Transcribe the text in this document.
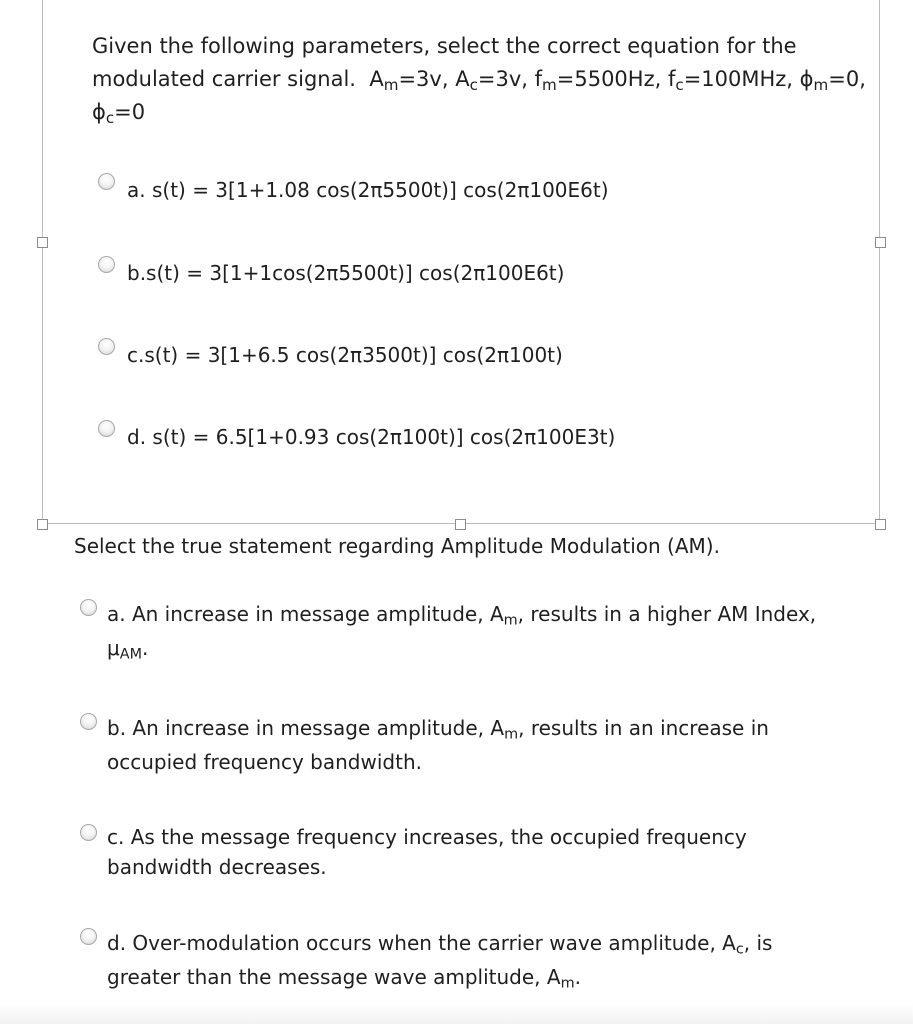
Given the following parameters, select the correct equation for the
modulated carrier signal. $A_m=3v$, $A_c=3v$, $f_m=5500Hz$, $f_c=100MHz$, ɸ$_m$=0,
ɸ$_c$=0
a. s(t) = 3[1+1.08 cos(2π5500t)] cos(2π100E6t)
b.s(t) = 3[1+1cos(2π5500t)] cos(2π100E6t)
c.s(t) = 3[1+6.5 cos(2π3500t)] cos(2π100t)
d. s(t) = 6.5[1+0.93 cos(2π100t)] cos(2π100E3t)
Select the true statement regarding Amplitude Modulation (AM).
a. An increase in message amplitude, $A_m$, results in a higher AM Index,
$\mu_{AM}$.
b. An increase in message amplitude, $A_m$, results in an increase in
occupied frequency bandwidth.
c. As the message frequency increases, the occupied frequency
bandwidth decreases.
d. Over-modulation occurs when the carrier wave amplitude, $A_c$, is
greater than the message wave amplitude, $A_m$.
